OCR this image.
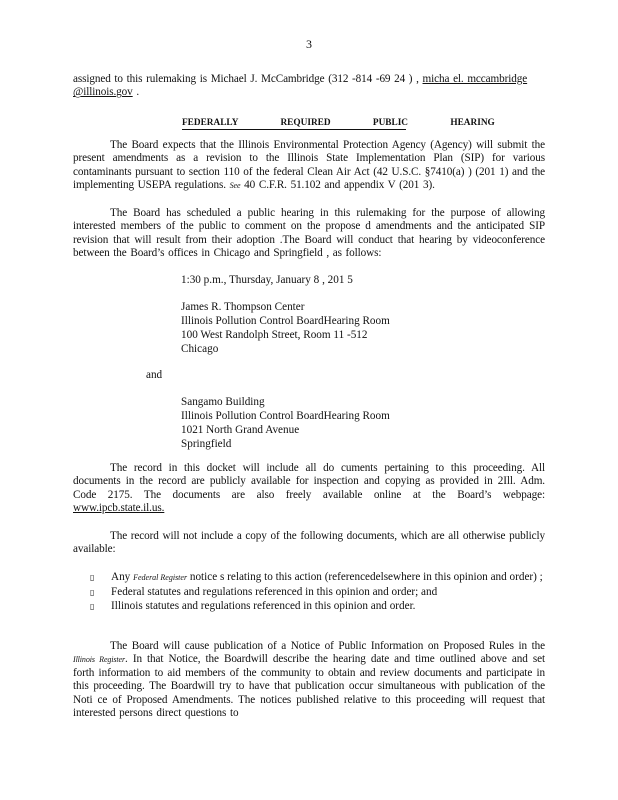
3
assigned to this rulemaking is Michael J. McCambridge (312 -814 -69 24 ) , micha el. mccambridge
@illinois.gov .
FEDERALLY REQUIRED PUBLIC HEARING
The Board expects that the Illinois Environmental Protection Agency (Agency) will submit the present amendments as a revision to the Illinois State Implementation Plan (SIP) for various contaminants pursuant to section 110 of the federal Clean Air Act (42 U.S.C. §7410(a) ) (201 1) and the implementing USEPA regulations. See 40 C.F.R. 51.102 and appendix V (201 3).
The Board has scheduled a public hearing in this rulemaking for the purpose of allowing interested members of the public to comment on the propose d amendments and the anticipated SIP revision that will result from their adoption .The Board will conduct that hearing by videoconference between the Board’s offices in Chicago and Springfield , as follows:
1:30 p.m., Thursday, January 8 , 201 5
James R. Thompson Center
Illinois Pollution Control BoardHearing Room
100 West Randolph Street, Room 11 -512
Chicago
and
Sangamo Building
Illinois Pollution Control BoardHearing Room
1021 North Grand Avenue
Springfield
The record in this docket will include all do cuments pertaining to this proceeding. All documents in the record are publicly available for inspection and copying as provided in 2Ill. Adm. Code 2175. The documents are also freely available online at the Board’s webpage: www.ipcb.state.il.us.
The record will not include a copy of the following documents, which are all otherwise publicly available:
▯	Any Federal Register notice s relating to this action (referencedelsewhere in this opinion and order) ;
▯	Federal statutes and regulations referenced in this opinion and order; and
▯	Illinois statutes and regulations referenced in this opinion and order.
The Board will cause publication of a Notice of Public Information on Proposed Rules in the Illinois Register. In that Notice, the Boardwill describe the hearing date and time outlined above and set forth information to aid members of the community to obtain and review documents and participate in this proceeding. The Boardwill try to have that publication occur simultaneous with publication of the Noti ce of Proposed Amendments. The notices published relative to this proceeding will request that interested persons direct questions to
